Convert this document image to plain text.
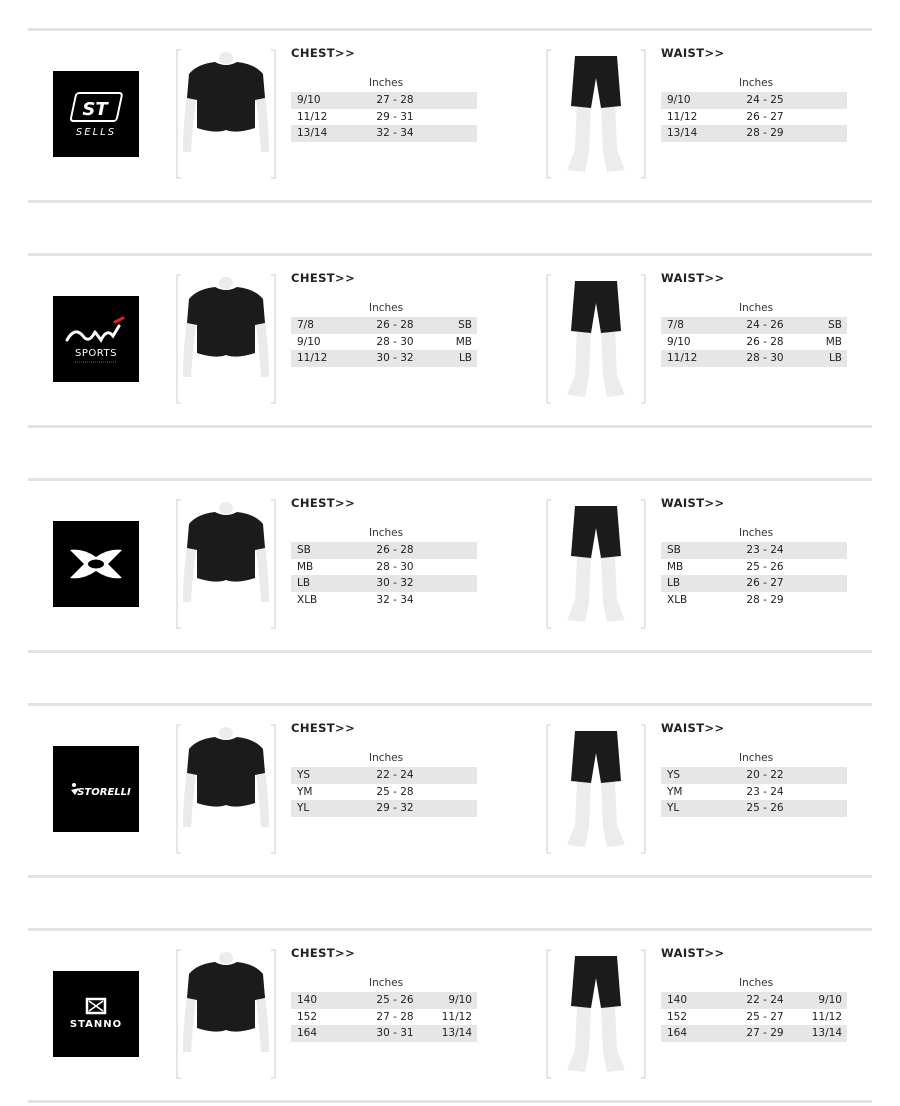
ST
SELLS
CHEST>>
Inches
9/10	27 - 28
11/12	29 - 31
13/14	32 - 34
WAIST>>
Inches
9/10	24 - 25
11/12	26 - 27
13/14	28 - 29
SPORTS
CHEST>>
Inches
7/8	26 - 28	SB
9/10	28 - 30	MB
11/12	30 - 32	LB
WAIST>>
Inches
7/8	24 - 26	SB
9/10	26 - 28	MB
11/12	28 - 30	LB
CHEST>>
Inches
SB	26 - 28
MB	28 - 30
LB	30 - 32
XLB	32 - 34
WAIST>>
Inches
SB	23 - 24
MB	25 - 26
LB	26 - 27
XLB	28 - 29
STORELLI
CHEST>>
Inches
YS	22 - 24
YM	25 - 28
YL	29 - 32
WAIST>>
Inches
YS	20 - 22
YM	23 - 24
YL	25 - 26
STANNO
CHEST>>
Inches
140	25 - 26	9/10
152	27 - 28	11/12
164	30 - 31	13/14
WAIST>>
Inches
140	22 - 24	9/10
152	25 - 27	11/12
164	27 - 29	13/14
